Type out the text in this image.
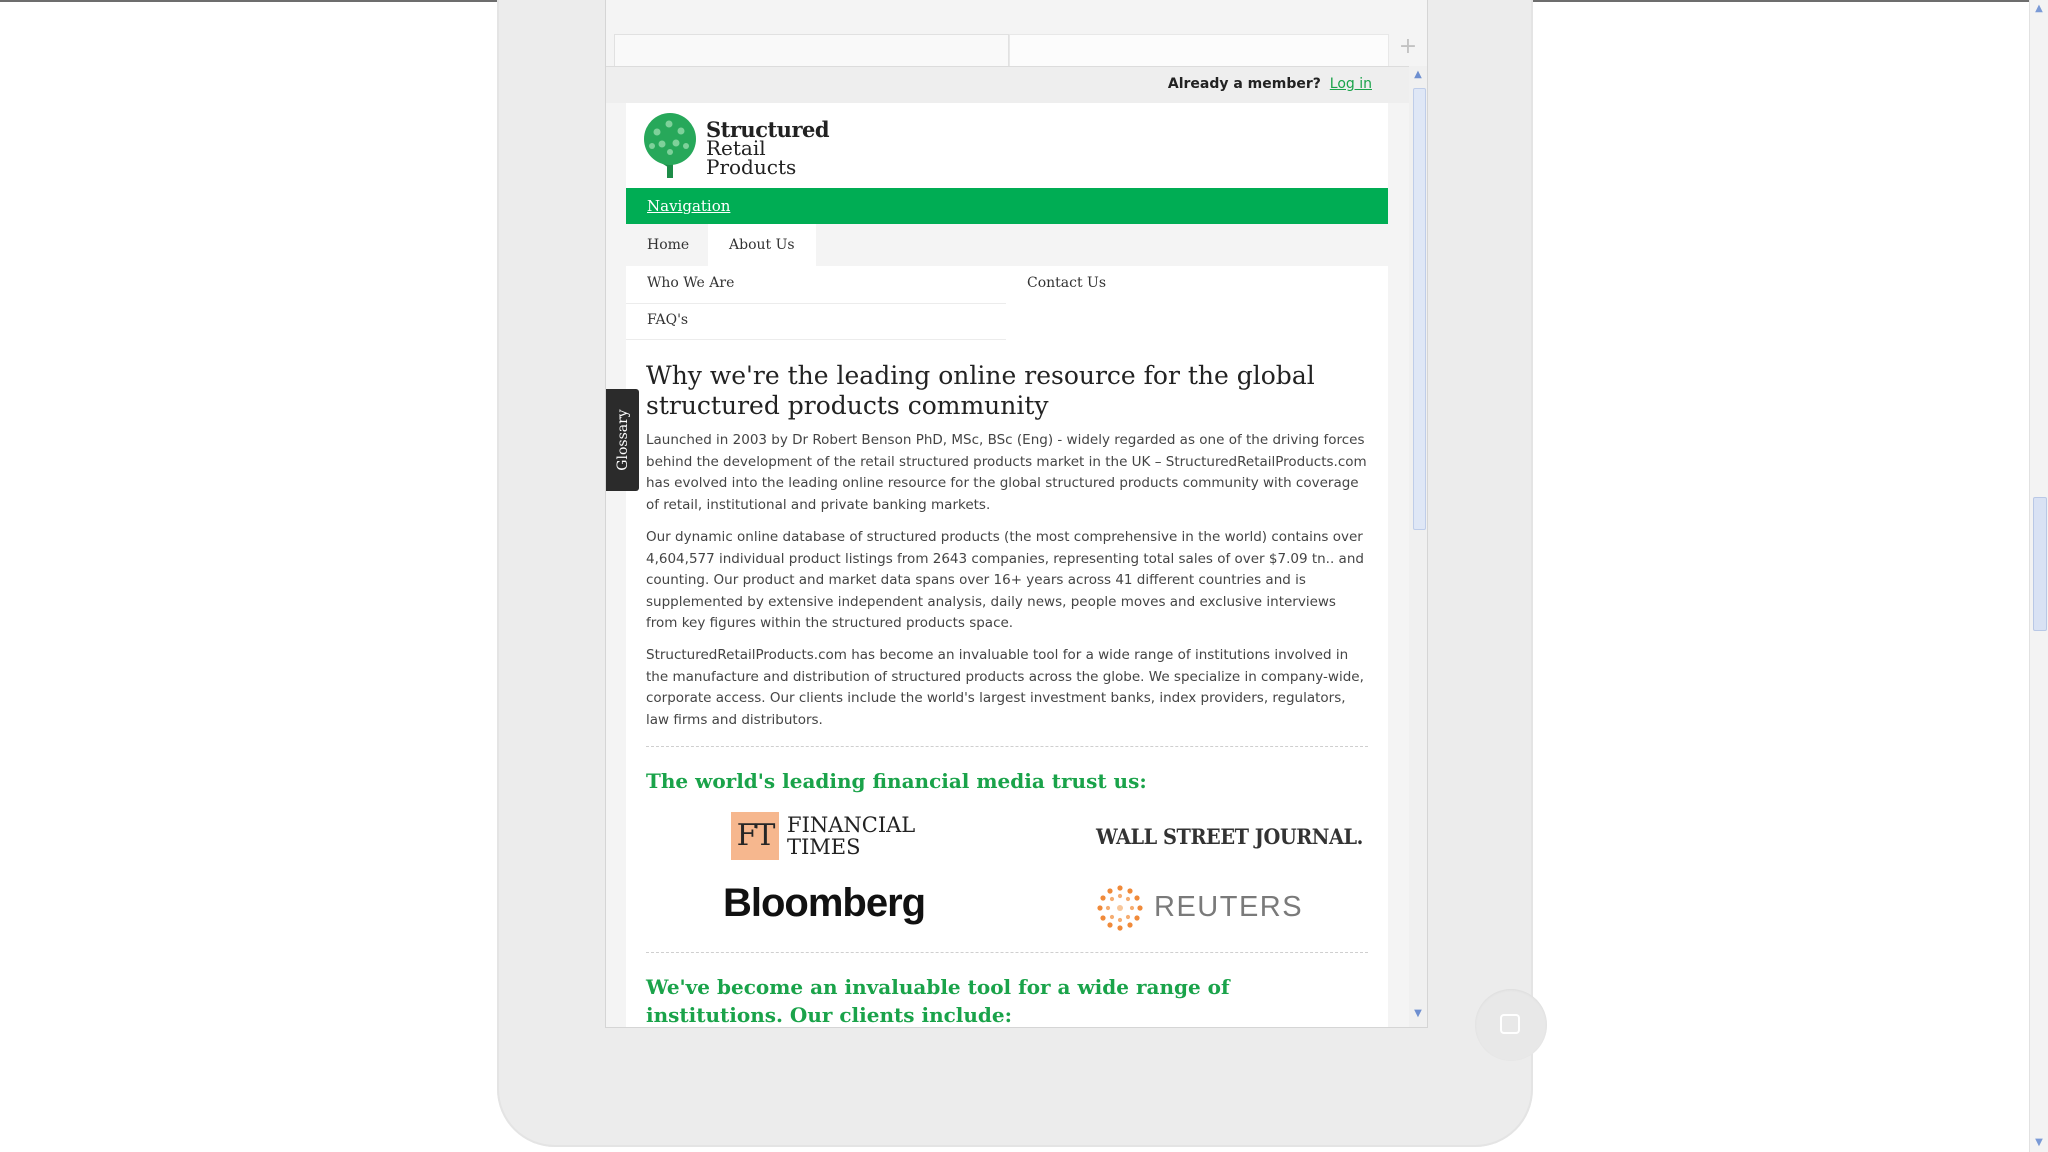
▲
▼
+
▲
▼
Already a member? Log in
Structured
Retail
Products
Navigation
Home	About Us
Who We Are	Contact Us
FAQ's
Why we're the leading online resource for the global structured products community

Launched in 2003 by Dr Robert Benson PhD, MSc, BSc (Eng) - widely regarded as one of the driving forces behind the development of the retail structured products market in the UK – StructuredRetailProducts.com has evolved into the leading online resource for the global structured products community with coverage of retail, institutional and private banking markets.

Our dynamic online database of structured products (the most comprehensive in the world) contains over 4,604,577 individual product listings from 2643 companies, representing total sales of over $7.09 tn.. and counting. Our product and market data spans over 16+ years across 41 different countries and is supplemented by extensive independent analysis, daily news, people moves and exclusive interviews from key figures within the structured products space.

StructuredRetailProducts.com has become an invaluable tool for a wide range of institutions involved in the manufacture and distribution of structured products across the globe. We specialize in company-wide, corporate access. Our clients include the world's largest investment banks, index providers, regulators, law firms and distributors.

The world's leading financial media trust us:
FT FINANCIAL
TIMES	WALL STREET JOURNAL.
Bloomberg	REUTERS
We've become an invaluable tool for a wide range of institutions. Our clients include:
Glossary
